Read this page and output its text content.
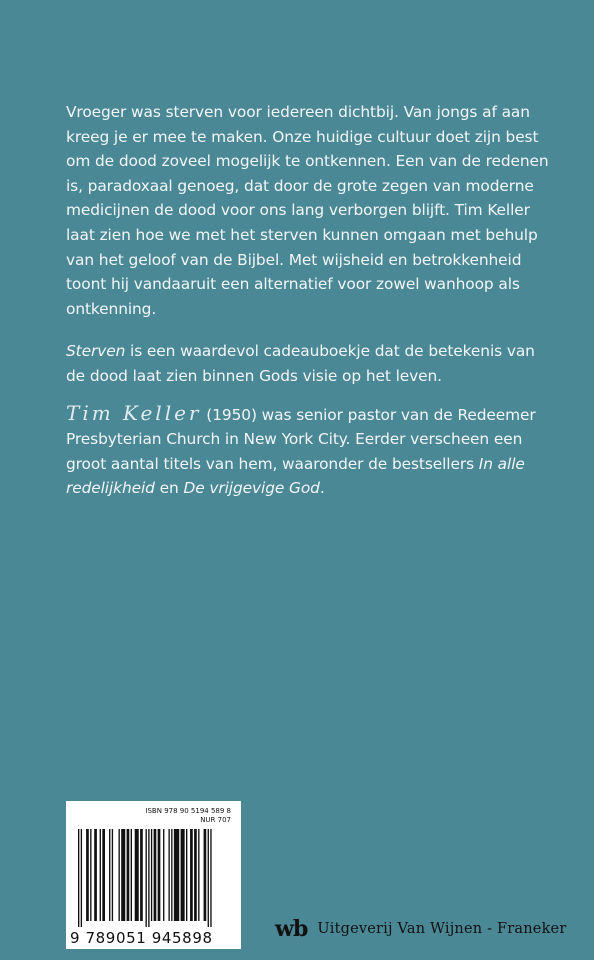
Vroeger was sterven voor iedereen dichtbij. Van jongs af aan kreeg je er mee te maken. Onze huidige cultuur doet zijn best om de dood zoveel mogelijk te ontkennen. Een van de redenen is, paradoxaal genoeg, dat door de grote zegen van moderne medicijnen de dood voor ons lang verborgen blijft. Tim Keller laat zien hoe we met het sterven kunnen omgaan met behulp van het geloof van de Bijbel. Met wijsheid en betrokkenheid toont hij vandaaruit een alternatief voor zowel wanhoop als ontkenning.

Sterven is een waardevol cadeauboekje dat de betekenis van de dood laat zien binnen Gods visie op het leven.

Tim Keller (1950) was senior pastor van de Redeemer Presbyterian Church in New York City. Eerder verscheen een groot aantal titels van hem, waaronder de bestsellers In alle redelijkheid en De vrijgevige God.

ISBN 978 90 5194 589 8
NUR 707
9 789051 945898	wb Uitgeverij Van Wijnen - Franeker
